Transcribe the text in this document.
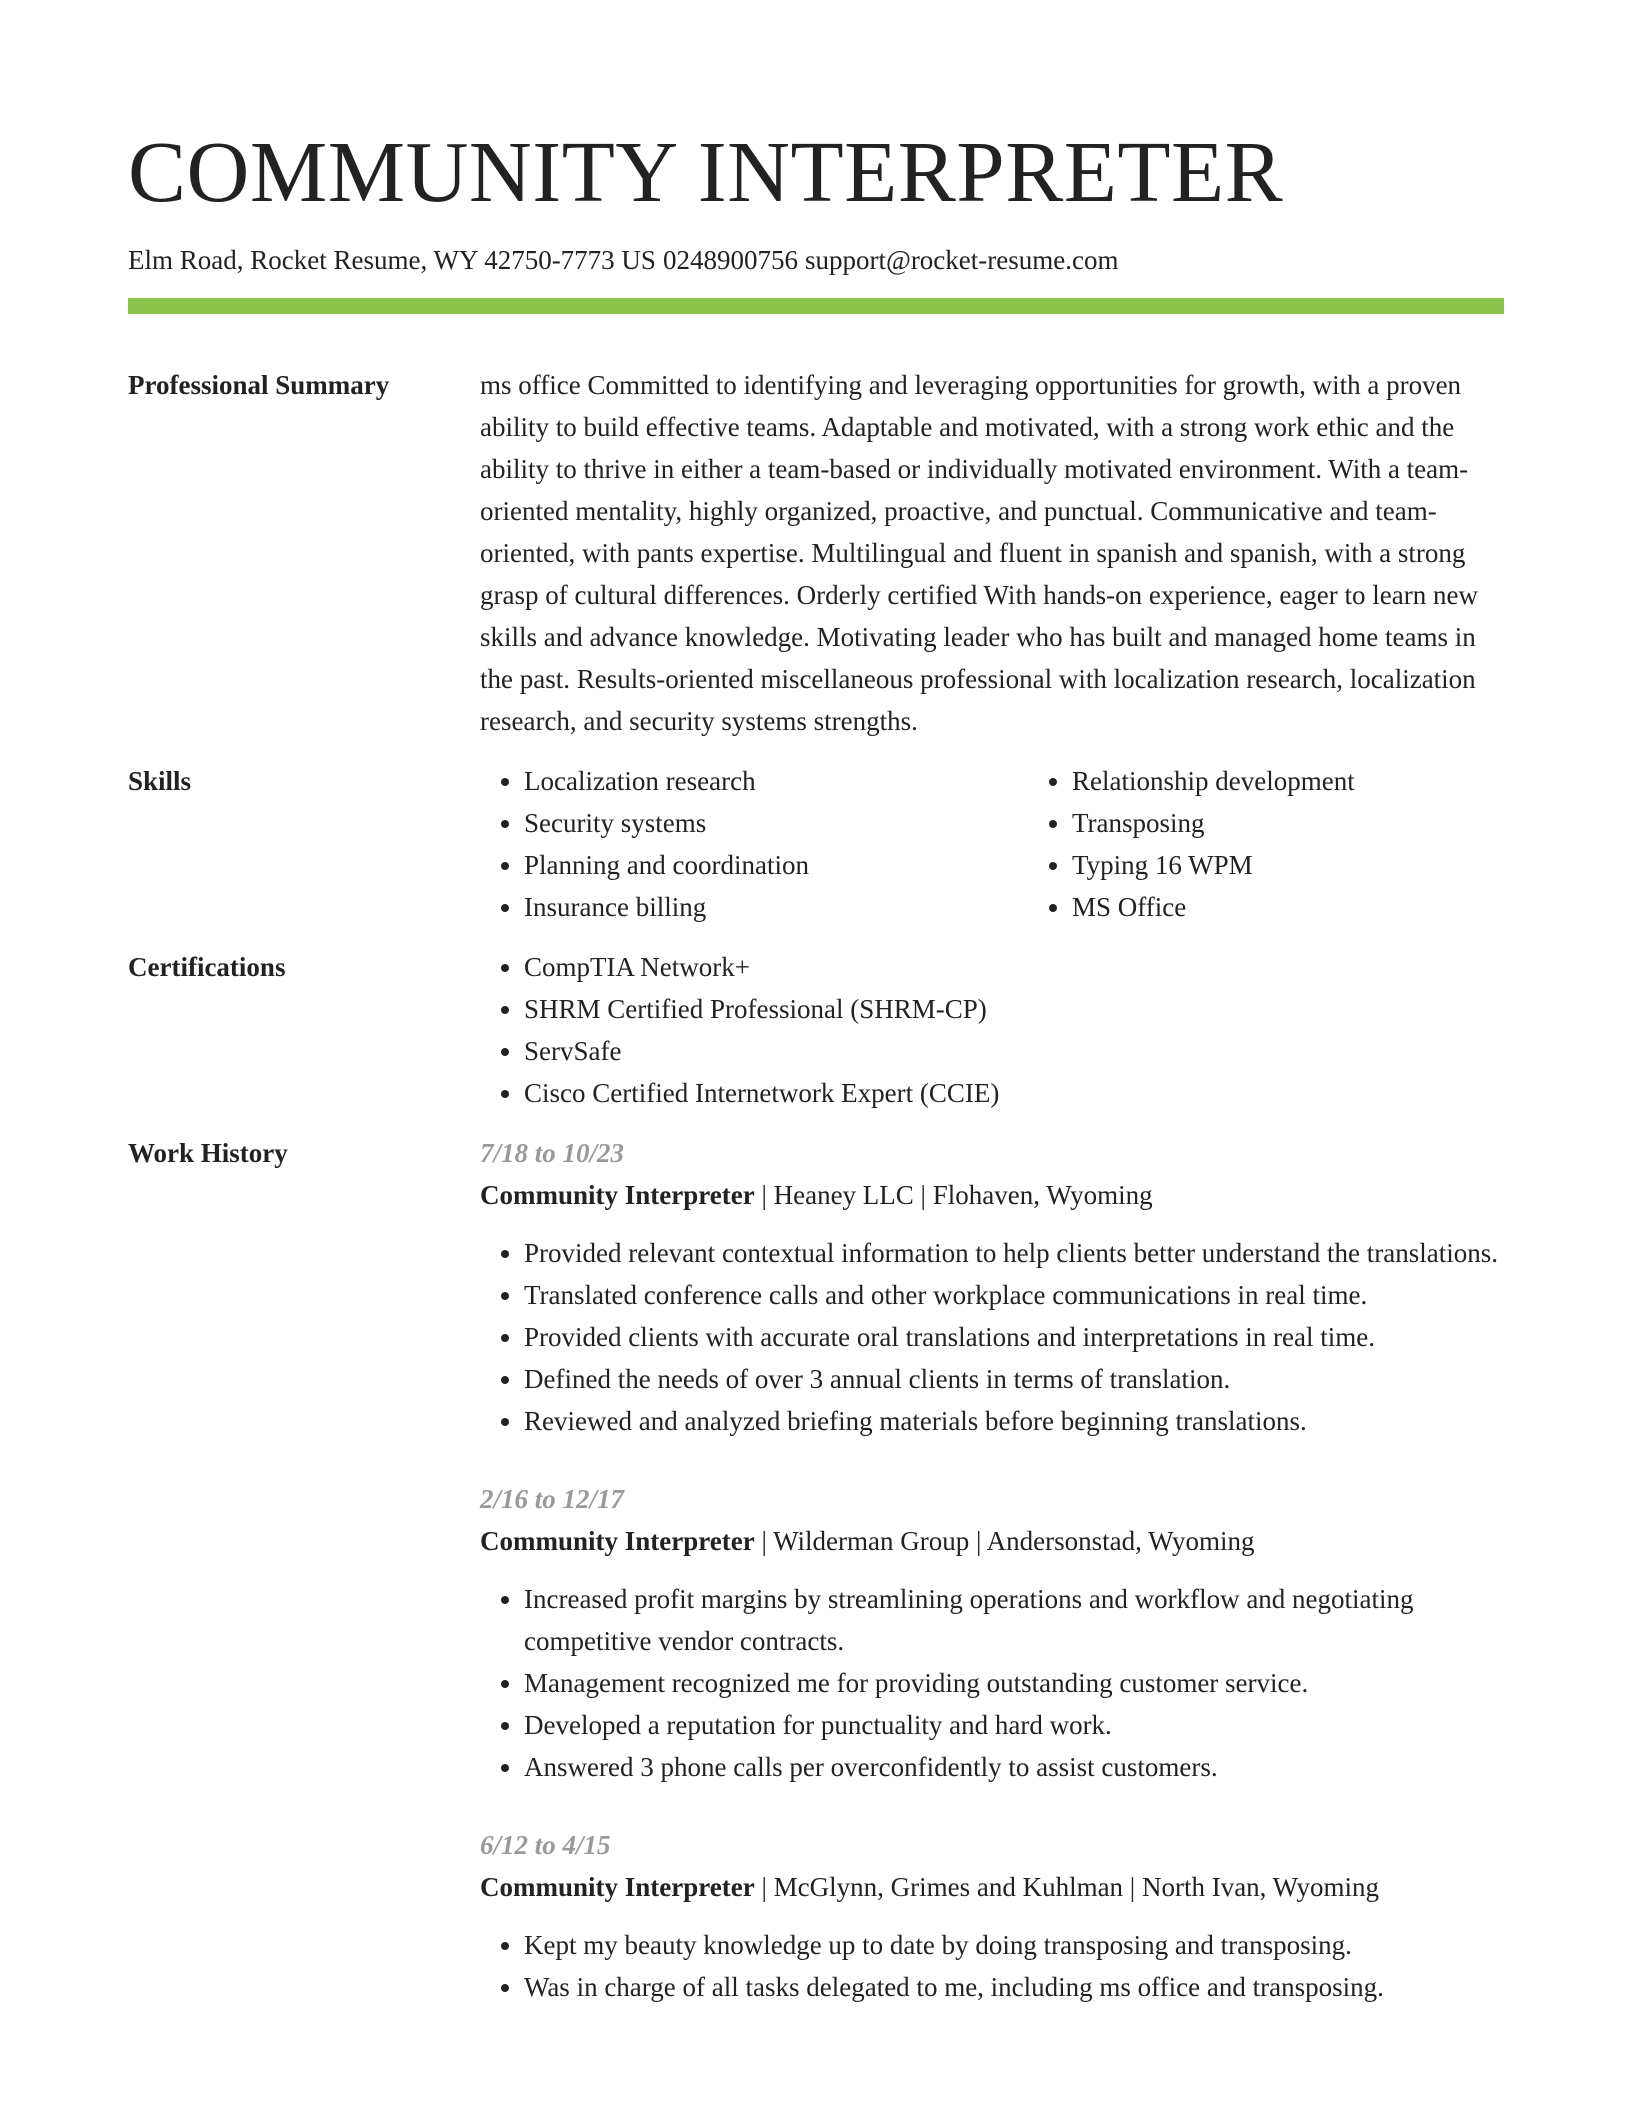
COMMUNITY INTERPRETER
Elm Road, Rocket Resume, WY 42750-7773 US 0248900756 support@rocket-resume.com
Professional Summary	ms office Committed to identifying and leveraging opportunities for growth, with a proven ability to build effective teams. Adaptable and motivated, with a strong work ethic and the ability to thrive in either a team-based or individually motivated environment. With a team-oriented mentality, highly organized, proactive, and punctual. Communicative and team-oriented, with pants expertise. Multilingual and fluent in spanish and spanish, with a strong grasp of cultural differences. Orderly certified With hands-on experience, eager to learn new skills and advance knowledge. Motivating leader who has built and managed home teams in the past. Results-oriented miscellaneous professional with localization research, localization research, and security systems strengths.
Skills	• Localization research
• Security systems
• Planning and coordination
• Insurance billing
• Relationship development
• Transposing
• Typing 16 WPM
• MS Office
Certifications	• CompTIA Network+
• SHRM Certified Professional (SHRM-CP)
• ServSafe
• Cisco Certified Internetwork Expert (CCIE)
Work History	7/18 to 10/23
Community Interpreter | Heaney LLC | Flohaven, Wyoming
• Provided relevant contextual information to help clients better understand the translations.
• Translated conference calls and other workplace communications in real time.
• Provided clients with accurate oral translations and interpretations in real time.
• Defined the needs of over 3 annual clients in terms of translation.
• Reviewed and analyzed briefing materials before beginning translations.
2/16 to 12/17
Community Interpreter | Wilderman Group | Andersonstad, Wyoming
• Increased profit margins by streamlining operations and workflow and negotiating competitive vendor contracts.
• Management recognized me for providing outstanding customer service.
• Developed a reputation for punctuality and hard work.
• Answered 3 phone calls per overconfidently to assist customers.
6/12 to 4/15
Community Interpreter | McGlynn, Grimes and Kuhlman | North Ivan, Wyoming
• Kept my beauty knowledge up to date by doing transposing and transposing.
• Was in charge of all tasks delegated to me, including ms office and transposing.
